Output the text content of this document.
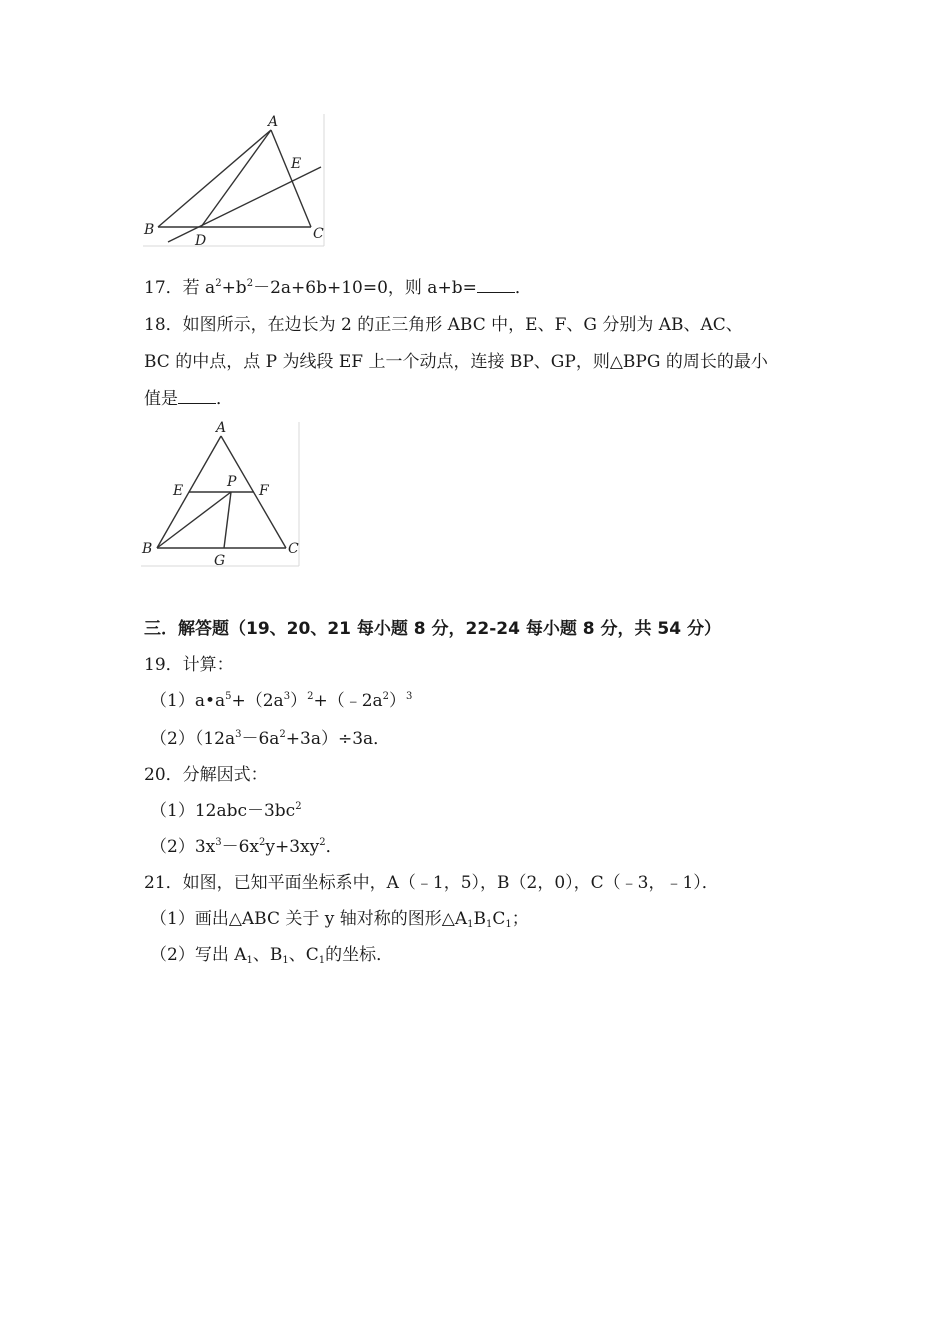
A
E
B
D	C
17．若 $a^2+b^2-2a+6b+10=0$，则 a+b= ．
18．如图所示，在边长为 2 的正三角形 ABC 中，E、F、G 分别为 AB、AC、
BC 的中点，点 P 为线段 EF 上一个动点，连接 BP、GP，则△BPG 的周长的最小
值是 ．
A
E
P
F
B
G
C
三．解答题（19、20、21 每小题 8 分，22-24 每小题 8 分，共 54 分）
19．计算：
$(1)a•a^5+(2a^3)^2+(﹣2a^2)^3$
$(2)(12a^3-6a^2+3a)\div 3a$．
20．分解因式：
$(1)12abc-3bc^2$
$(2)3x^3-6x^2y+3xy^2$．
21．如图，已知平面坐标系中，A（﹣1，5），B（2，0），C（﹣3，﹣1）．
（1）画出△ABC 关于 y 轴对称的图形$\triangle A_1B_1C_1$；
（2）写出 $A_1$、$B_1$、$C_1$的坐标．
